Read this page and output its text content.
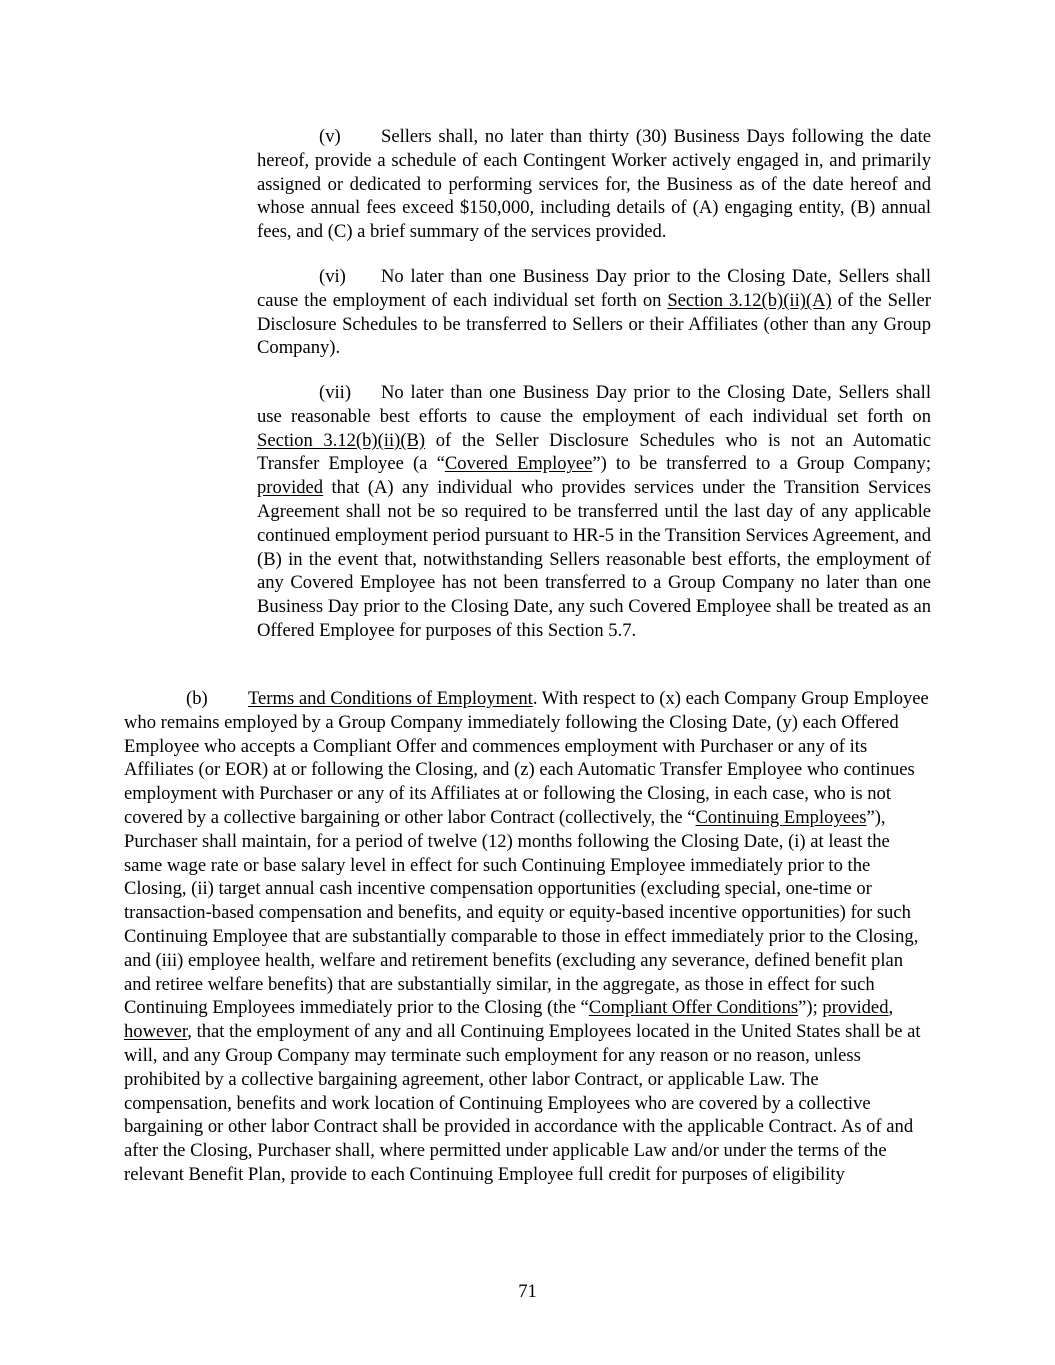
(v) Sellers shall, no later than thirty (30) Business Days following the date hereof, provide a schedule of each Contingent Worker actively engaged in, and primarily assigned or dedicated to performing services for, the Business as of the date hereof and whose annual fees exceed $150,000, including details of (A) engaging entity, (B) annual fees, and (C) a brief summary of the services provided.

(vi) No later than one Business Day prior to the Closing Date, Sellers shall cause the employment of each individual set forth on Section 3.12(b)(ii)(A) of the Seller Disclosure Schedules to be transferred to Sellers or their Affiliates (other than any Group Company).

(vii) No later than one Business Day prior to the Closing Date, Sellers shall use reasonable best efforts to cause the employment of each individual set forth on Section 3.12(b)(ii)(B) of the Seller Disclosure Schedules who is not an Automatic Transfer Employee (a “Covered Employee”) to be transferred to a Group Company; provided that (A) any individual who provides services under the Transition Services Agreement shall not be so required to be transferred until the last day of any applicable continued employment period pursuant to HR-5 in the Transition Services Agreement, and (B) in the event that, notwithstanding Sellers reasonable best efforts, the employment of any Covered Employee has not been transferred to a Group Company no later than one Business Day prior to the Closing Date, any such Covered Employee shall be treated as an Offered Employee for purposes of this Section 5.7.

(b) Terms and Conditions of Employment. With respect to (x) each Company Group Employee who remains employed by a Group Company immediately following the Closing Date, (y) each Offered Employee who accepts a Compliant Offer and commences employment with Purchaser or any of its Affiliates (or EOR) at or following the Closing, and (z) each Automatic Transfer Employee who continues employment with Purchaser or any of its Affiliates at or following the Closing, in each case, who is not covered by a collective bargaining or other labor Contract (collectively, the “Continuing Employees”), Purchaser shall maintain, for a period of twelve (12) months following the Closing Date, (i) at least the same wage rate or base salary level in effect for such Continuing Employee immediately prior to the Closing, (ii) target annual cash incentive compensation opportunities (excluding special, one-time or transaction-based compensation and benefits, and equity or equity-based incentive opportunities) for such Continuing Employee that are substantially comparable to those in effect immediately prior to the Closing, and (iii) employee health, welfare and retirement benefits (excluding any severance, defined benefit plan and retiree welfare benefits) that are substantially similar, in the aggregate, as those in effect for such Continuing Employees immediately prior to the Closing (the “Compliant Offer Conditions”); provided, however, that the employment of any and all Continuing Employees located in the United States shall be at will, and any Group Company may terminate such employment for any reason or no reason, unless prohibited by a collective bargaining agreement, other labor Contract, or applicable Law. The compensation, benefits and work location of Continuing Employees who are covered by a collective bargaining or other labor Contract shall be provided in accordance with the applicable Contract. As of and after the Closing, Purchaser shall, where permitted under applicable Law and/or under the terms of the relevant Benefit Plan, provide to each Continuing Employee full credit for purposes of eligibility

71
